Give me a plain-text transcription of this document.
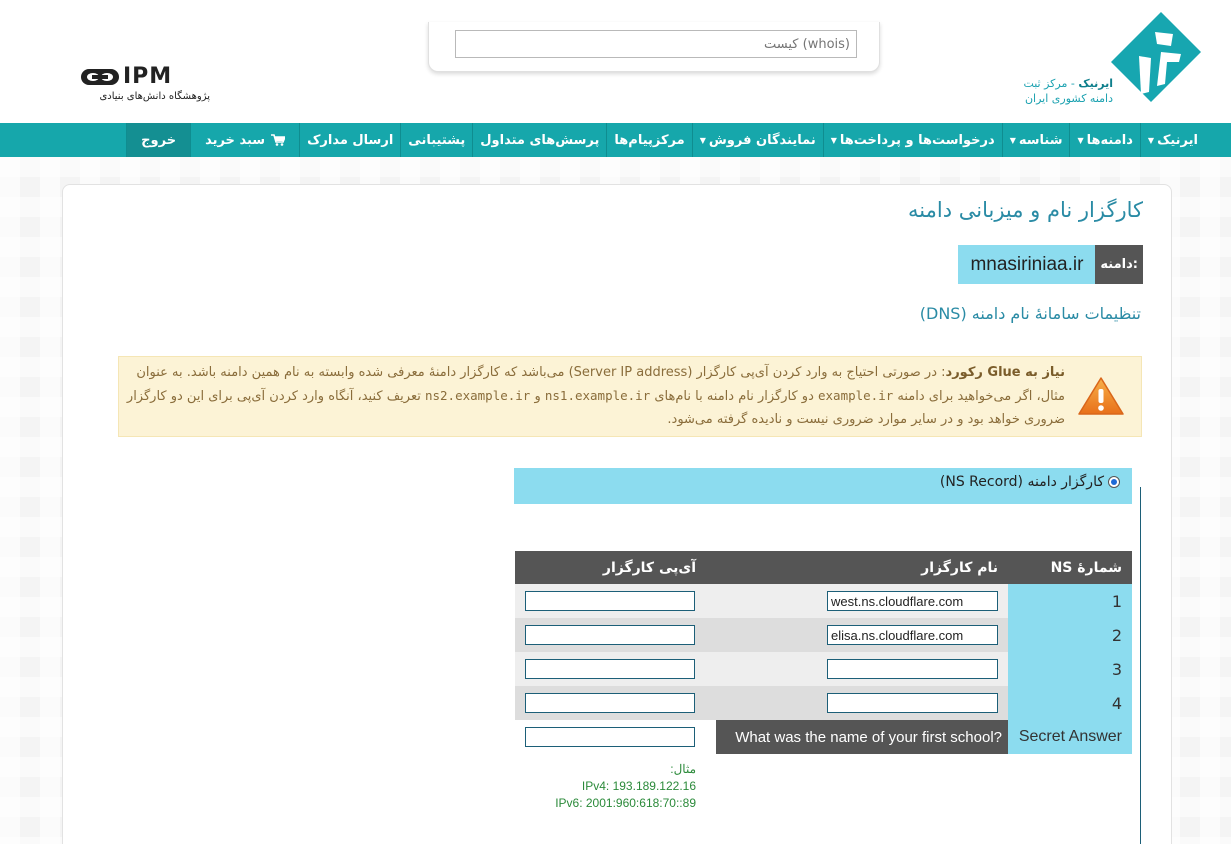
ایرنیک - مرکز ثبت
دامنه کشوری ایران
(whois) کیست
IPM
پژوهشگاه دانش‌های بنیادی
ایرنیک
▼
دامنه‌ها
▼
شناسه
▼
درخواست‌ها و پرداخت‌ها
▼
نمایندگان فروش
▼
مرکزپیام‌ها
پرسش‌های متداول
پشتیبانی
ارسال مدارک
سبد خرید
خروج
کارگزار نام و میزبانی دامنه
دامنه:
mnasiriniaa.ir
تنظیمات سامانهٔ نام دامنه (DNS)
نیاز به Glue رکورد: در صورتی احتیاج به وارد کردن آی‌پی کارگزار (Server IP address) می‌باشد که کارگزار دامنهٔ معرفی شده وابسته به نام همین دامنه باشد. به عنوان مثال، اگر می‌خواهید برای دامنه example.ir دو کارگزار نام دامنه با نام‌های ns1.example.ir و ns2.example.ir تعریف کنید، آنگاه وارد کردن آی‌پی برای این دو کارگزار ضروری خواهد بود و در سایر موارد ضروری نیست و نادیده گرفته می‌شود.
کارگزار دامنه (NS Record)
آی‌پی کارگزار	نام کارگزار	شمارهٔ NS

west.ns.cloudflare.com	1

elisa.ns.cloudflare.com	2

	3

	4

What was the name of your first school?	Secret Answer
مثال:
IPv4: 193.189.122.16
IPv6: 2001:960:618:70::89
